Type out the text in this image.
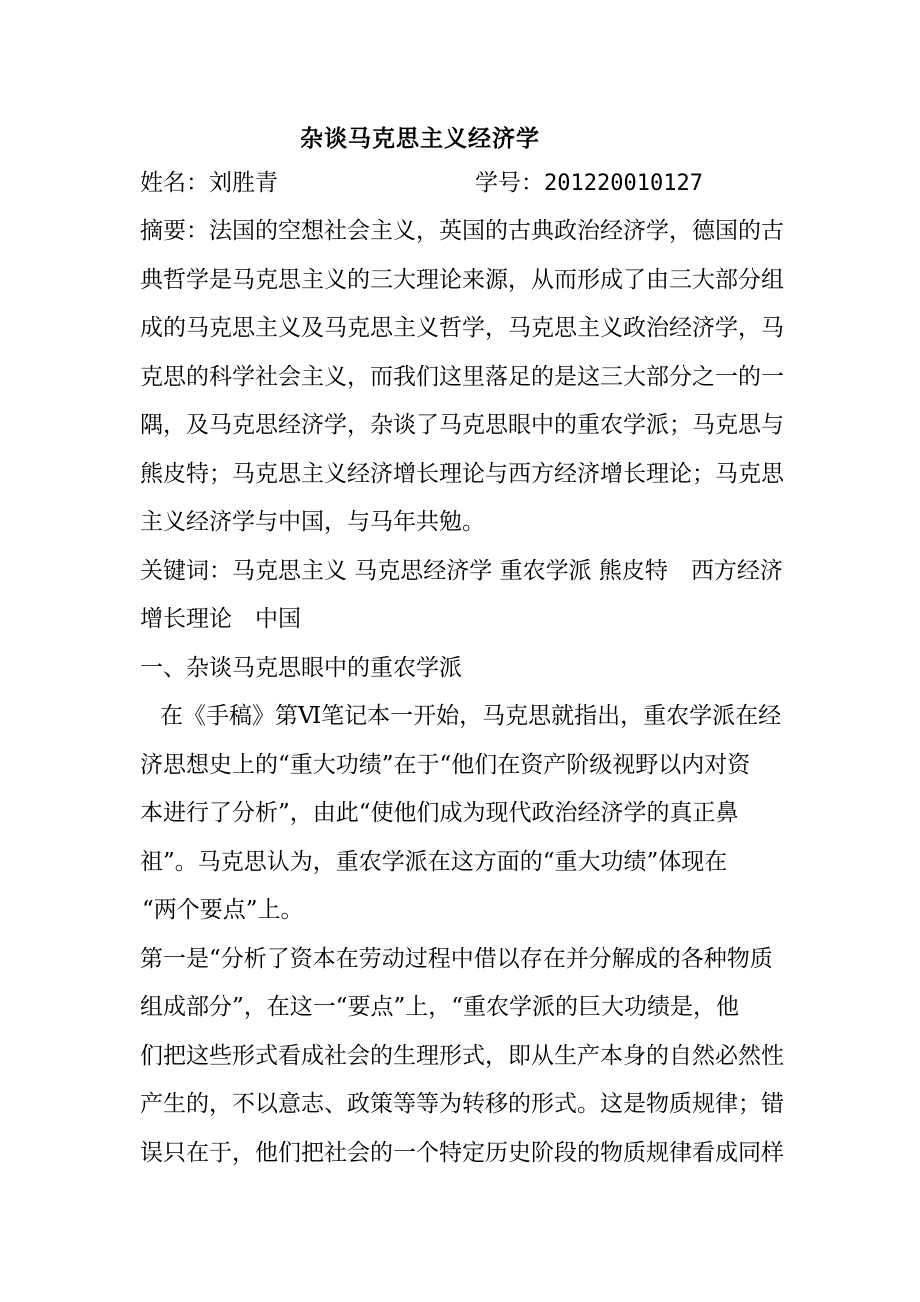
杂谈马克思主义经济学
姓名：刘胜青	学号：201220010127
摘要：法国的空想社会主义，英国的古典政治经济学，德国的古
典哲学是马克思主义的三大理论来源，从而形成了由三大部分组
成的马克思主义及马克思主义哲学，马克思主义政治经济学，马
克思的科学社会主义，而我们这里落足的是这三大部分之一的一
隅，及马克思经济学，杂谈了马克思眼中的重农学派；马克思与
熊皮特；马克思主义经济增长理论与西方经济增长理论；马克思
主义经济学与中国，与马年共勉。
关键词：马克思主义 马克思经济学 重农学派 熊皮特　西方经济
增长理论　中国
一、杂谈马克思眼中的重农学派
在《手稿》第Ⅵ笔记本一开始，马克思就指出，重农学派在经
济思想史上的“重大功绩”在于“他们在资产阶级视野以内对资
本进行了分析”，由此“使他们成为现代政治经济学的真正鼻
祖”。马克思认为，重农学派在这方面的“重大功绩”体现在
“两个要点”上。
第一是“分析了资本在劳动过程中借以存在并分解成的各种物质
组成部分”，在这一“要点”上，“重农学派的巨大功绩是，他
们把这些形式看成社会的生理形式，即从生产本身的自然必然性
产生的，不以意志、政策等等为转移的形式。这是物质规律；错
误只在于，他们把社会的一个特定历史阶段的物质规律看成同样
